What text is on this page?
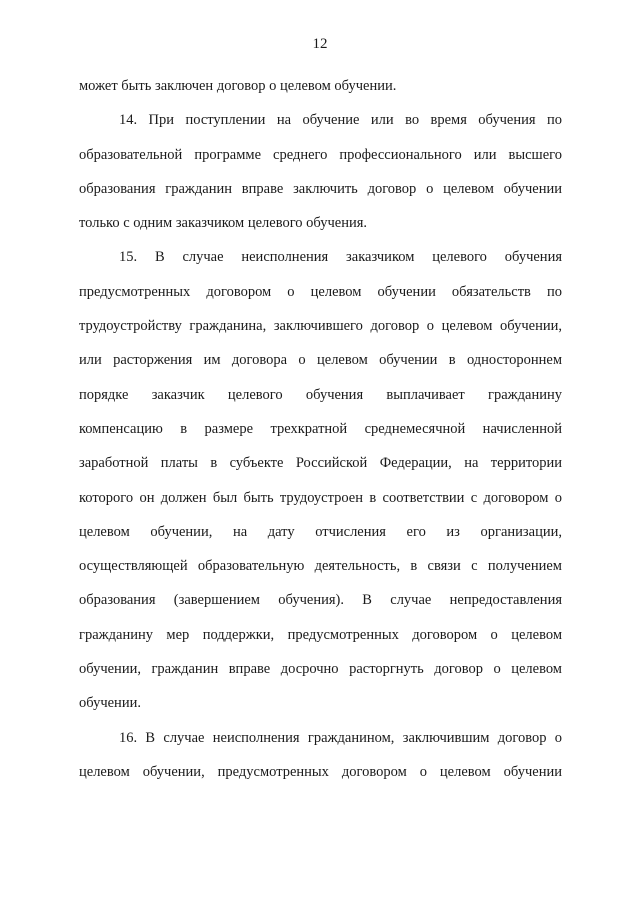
12
может быть заключен договор о целевом обучении.
14. При поступлении на обучение или во время обучения по
образовательной программе среднего профессионального или высшего
образования гражданин вправе заключить договор о целевом обучении
только с одним заказчиком целевого обучения.
15. В случае неисполнения заказчиком целевого обучения
предусмотренных договором о целевом обучении обязательств по
трудоустройству гражданина, заключившего договор о целевом обучении,
или расторжения им договора о целевом обучении в одностороннем
порядке заказчик целевого обучения выплачивает гражданину
компенсацию в размере трехкратной среднемесячной начисленной
заработной платы в субъекте Российской Федерации, на территории
которого он должен был быть трудоустроен в соответствии с договором о
целевом обучении, на дату отчисления его из организации,
осуществляющей образовательную деятельность, в связи с получением
образования (завершением обучения). В случае непредоставления
гражданину мер поддержки, предусмотренных договором о целевом
обучении, гражданин вправе досрочно расторгнуть договор о целевом
обучении.
16. В случае неисполнения гражданином, заключившим договор о
целевом обучении, предусмотренных договором о целевом обучении
